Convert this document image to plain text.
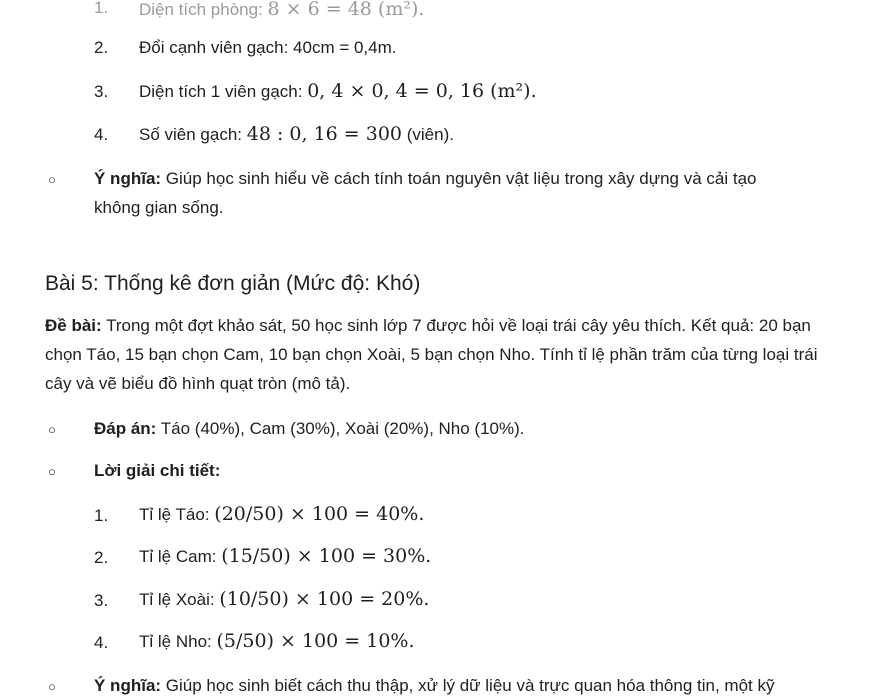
1. Diện tích phòng: 8 × 6 = 48 (m²).
2. Đổi cạnh viên gạch: 40cm = 0,4m.
3. Diện tích 1 viên gạch: 0, 4 × 0, 4 = 0, 16 (m²).
4. Số viên gạch: 48 : 0, 16 = 300 (viên).
○ Ý nghĩa: Giúp học sinh hiểu về cách tính toán nguyên vật liệu trong xây dựng và cải tạo
không gian sống.
Bài 5: Thống kê đơn giản (Mức độ: Khó)
Đề bài: Trong một đợt khảo sát, 50 học sinh lớp 7 được hỏi về loại trái cây yêu thích. Kết quả: 20 bạn chọn Táo, 15 bạn chọn Cam, 10 bạn chọn Xoài, 5 bạn chọn Nho. Tính tỉ lệ phần trăm của từng loại trái cây và vẽ biểu đồ hình quạt tròn (mô tả).
○ Đáp án: Táo (40%), Cam (30%), Xoài (20%), Nho (10%).
○ Lời giải chi tiết:
1. Tỉ lệ Táo: (20/50) × 100 = 40%.
2. Tỉ lệ Cam: (15/50) × 100 = 30%.
3. Tỉ lệ Xoài: (10/50) × 100 = 20%.
4. Tỉ lệ Nho: (5/50) × 100 = 10%.
○ Ý nghĩa: Giúp học sinh biết cách thu thập, xử lý dữ liệu và trực quan hóa thông tin, một kỹ
